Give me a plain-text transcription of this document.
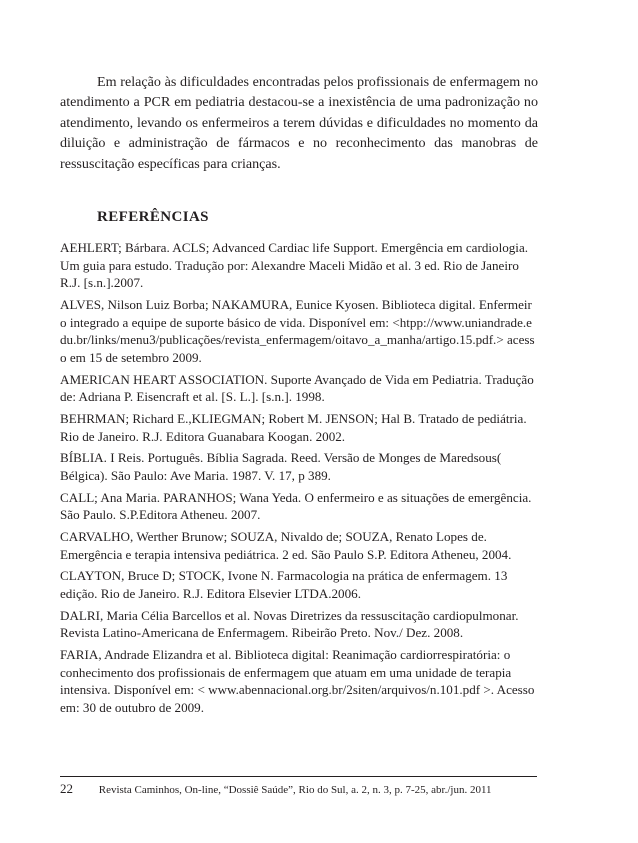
Em relação às dificuldades encontradas pelos profissionais de enfermagem no atendimento a PCR em pediatria destacou-se a inexistência de uma padronização no atendimento, levando os enfermeiros a terem dúvidas e dificuldades no momento da diluição e administração de fármacos e no reconhecimento das manobras de ressuscitação específicas para crianças.

REFERÊNCIAS
AEHLERT; Bárbara. ACLS; Advanced Cardiac life Support. Emergência em cardiologia. Um guia para estudo. Tradução por: Alexandre Maceli Midão et al. 3 ed. Rio de Janeiro R.J. [s.n.].2007.
ALVES, Nilson Luiz Borba; NAKAMURA, Eunice Kyosen. Biblioteca digital. Enfermeiro integrado a equipe de suporte básico de vida. Disponível em: <htpp://www.uniandrade.edu.br/links/menu3/publicações/revista_enfermagem/oitavo_a_manha/artigo.15.pdf.> acesso em 15 de setembro 2009.
AMERICAN HEART ASSOCIATION. Suporte Avançado de Vida em Pediatria. Tradução de: Adriana P. Eisencraft et al. [S. L.]. [s.n.]. 1998.
BEHRMAN; Richard E.,KLIEGMAN; Robert M. JENSON; Hal B. Tratado de pediátria. Rio de Janeiro. R.J. Editora Guanabara Koogan. 2002.
BÍBLIA. I Reis. Português. Bíblia Sagrada. Reed. Versão de Monges de Maredsous( Bélgica). São Paulo: Ave Maria. 1987. V. 17, p 389.
CALL; Ana Maria. PARANHOS; Wana Yeda. O enfermeiro e as situações de emergência. São Paulo. S.P.Editora Atheneu. 2007.
CARVALHO, Werther Brunow; SOUZA, Nivaldo de; SOUZA, Renato Lopes de. Emergência e terapia intensiva pediátrica. 2 ed. São Paulo S.P. Editora Atheneu, 2004.
CLAYTON, Bruce D; STOCK, Ivone N. Farmacologia na prática de enfermagem. 13 edição. Rio de Janeiro. R.J. Editora Elsevier LTDA.2006.
DALRI, Maria Célia Barcellos et al. Novas Diretrizes da ressuscitação cardiopulmonar. Revista Latino-Americana de Enfermagem. Ribeirão Preto. Nov./ Dez. 2008.
FARIA, Andrade Elizandra et al. Biblioteca digital: Reanimação cardiorrespiratória: o conhecimento dos profissionais de enfermagem que atuam em uma unidade de terapia intensiva. Disponível em: < www.abennacional.org.br/2siten/arquivos/n.101.pdf >. Acesso em: 30 de outubro de 2009.
22 Revista Caminhos, On-line, “Dossiê Saúde”, Rio do Sul, a. 2, n. 3, p. 7-25, abr./jun. 2011
